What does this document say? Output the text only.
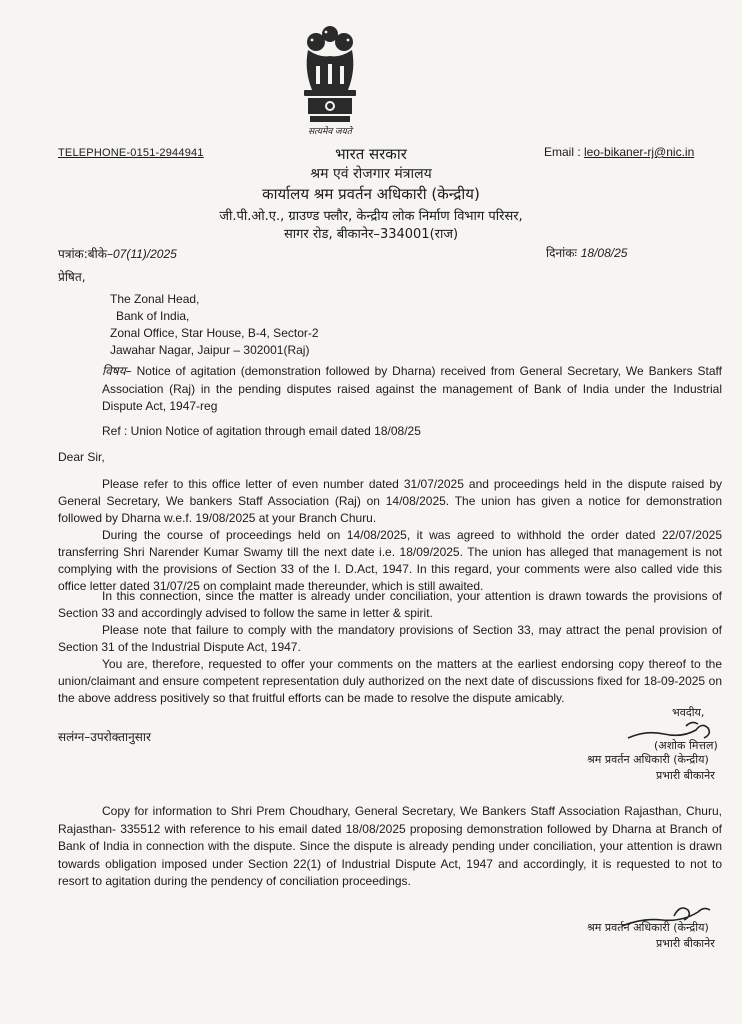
सत्यमेव जयते
TELEPHONE-0151-2944941	Email : leo-bikaner-rj@nic.in
भारत सरकार
श्रम एवं रोजगार मंत्रालय
कार्यालय श्रम प्रवर्तन अधिकारी (केन्द्रीय)
जी.पी.ओ.ए., ग्राउण्ड फ्लौर, केन्द्रीय लोक निर्माण विभाग परिसर,
सागर रोड, बीकानेर–334001(राज)
पत्रांक:बीके–07(11)/2025	दिनांकः 18/08/25
प्रेषित,
The Zonal Head,
Bank of India,
Zonal Office, Star House, B-4, Sector-2
Jawahar Nagar, Jaipur – 302001(Raj)
विषय– Notice of agitation (demonstration followed by Dharna) received from General Secretary, We Bankers Staff Association (Raj) in the pending disputes raised against the management of Bank of India under the Industrial Dispute Act, 1947-reg
Ref : Union Notice of agitation through email dated 18/08/25
Dear Sir,
Please refer to this office letter of even number dated 31/07/2025 and proceedings held in the dispute raised by General Secretary, We bankers Staff Association (Raj) on 14/08/2025. The union has given a notice for demonstration followed by Dharna w.e.f. 19/08/2025 at your Branch Churu.
During the course of proceedings held on 14/08/2025, it was agreed to withhold the order dated 22/07/2025 transferring Shri Narender Kumar Swamy till the next date i.e. 18/09/2025. The union has alleged that management is not complying with the provisions of Section 33 of the I. D.Act, 1947. In this regard, your comments were also called vide this office letter dated 31/07/25 on complaint made thereunder, which is still awaited.
In this connection, since the matter is already under conciliation, your attention is drawn towards the provisions of Section 33 and accordingly advised to follow the same in letter & spirit.
Please note that failure to comply with the mandatory provisions of Section 33, may attract the penal provision of Section 31 of the Industrial Dispute Act, 1947.
You are, therefore, requested to offer your comments on the matters at the earliest endorsing copy thereof to the union/claimant and ensure competent representation duly authorized on the next date of discussions fixed for 18-09-2025 on the above address positively so that fruitful efforts can be made to resolve the dispute amicably.
भवदीय,
(अशोक मित्तल)
श्रम प्रवर्तन अधिकारी (केन्द्रीय)
प्रभारी बीकानेर
सलंग्न–उपरोक्तानुसार
Copy for information to Shri Prem Choudhary, General Secretary, We Bankers Staff Association Rajasthan, Churu, Rajasthan- 335512 with reference to his email dated 18/08/2025 proposing demonstration followed by Dharna at Branch of Bank of India in connection with the dispute. Since the dispute is already pending under conciliation, your attention is drawn towards obligation imposed under Section 22(1) of Industrial Dispute Act, 1947 and accordingly, it is requested to not to resort to agitation during the pendency of conciliation proceedings.
श्रम प्रवर्तन अधिकारी (केन्द्रीय)
प्रभारी बीकानेर
